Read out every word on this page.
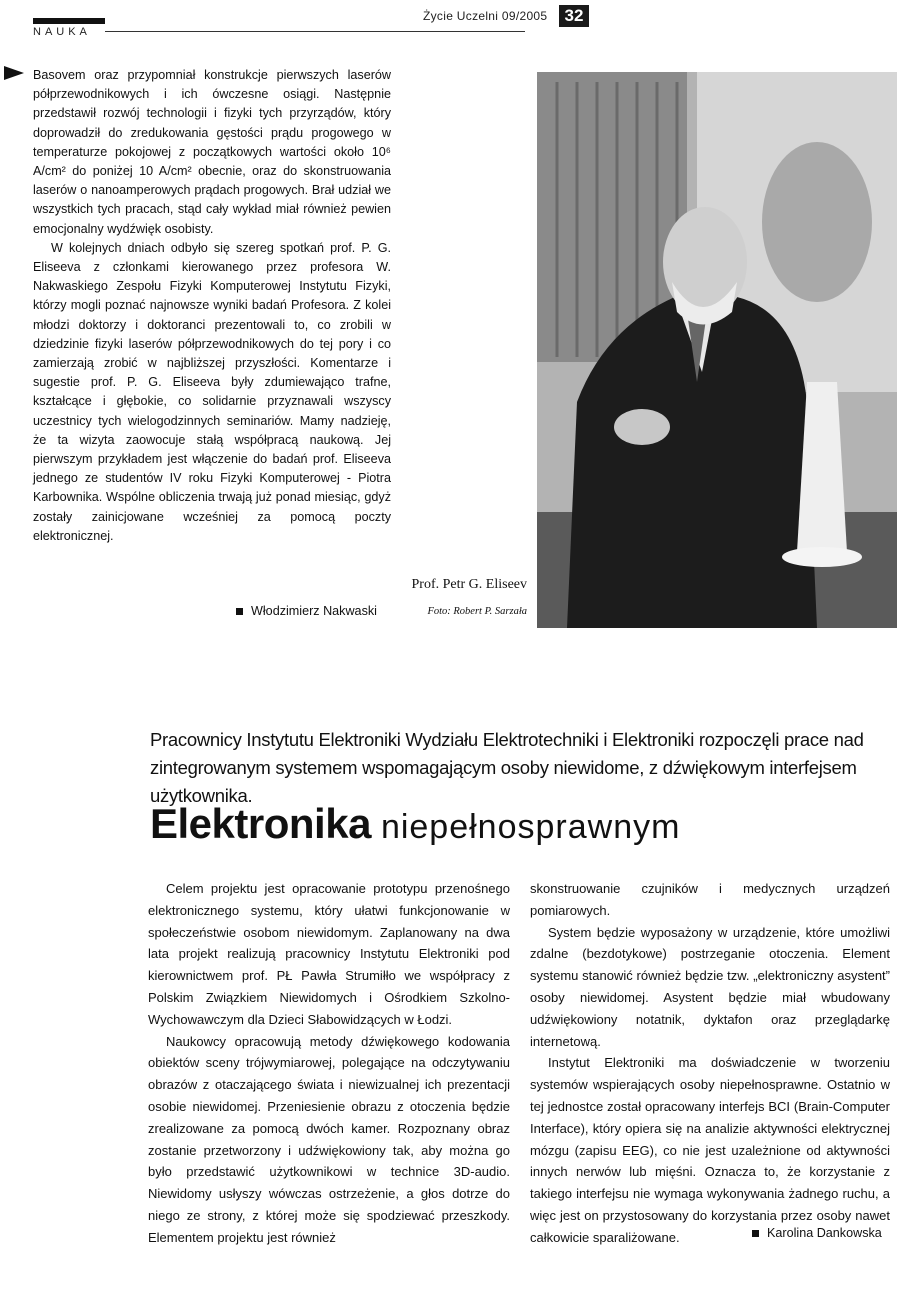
NAUKA
Życie Uczelni 09/2005	32

Basovem oraz przypomniał konstrukcje pierwszych laserów półprzewodnikowych i ich ówczesne osiągi. Następnie przedstawił rozwój technologii i fizyki tych przyrządów, który doprowadził do zredukowania gęstości prądu progowego w temperaturze pokojowej z początkowych wartości około 10⁶ A/cm² do poniżej 10 A/cm² obecnie, oraz do skonstruowania laserów o nanoamperowych prądach progowych. Brał udział we wszystkich tych pracach, stąd cały wykład miał również pewien emocjonalny wydźwięk osobisty.

W kolejnych dniach odbyło się szereg spotkań prof. P. G. Eliseeva z członkami kierowanego przez profesora W. Nakwaskiego Zespołu Fizyki Komputerowej Instytutu Fizyki, którzy mogli poznać najnowsze wyniki badań Profesora. Z kolei młodzi doktorzy i doktoranci prezentowali to, co zrobili w dziedzinie fizyki laserów półprzewodnikowych do tej pory i co zamierzają zrobić w najbliższej przyszłości. Komentarze i sugestie prof. P. G. Eliseeva były zdumiewająco trafne, kształcące i głębokie, co solidarnie przyznawali wszyscy uczestnicy tych wielogodzinnych seminariów. Mamy nadzieję, że ta wizyta zaowocuje stałą współpracą naukową. Jej pierwszym przykładem jest włączenie do badań prof. Eliseeva jednego ze studentów IV roku Fizyki Komputerowej - Piotra Karbownika. Wspólne obliczenia trwają już ponad miesiąc, gdyż zostały zainicjowane wcześniej za pomocą poczty elektronicznej.

Włodzimierz Nakwaski
Prof. Petr G. Eliseev
Foto: Robert P. Sarzała
Pracownicy Instytutu Elektroniki Wydziału Elektrotechniki i Elektroniki rozpoczęli prace nad zintegrowanym systemem wspomagającym osoby niewidome, z dźwiękowym interfejsem użytkownika.
Elektronika niepełnosprawnym

Celem projektu jest opracowanie prototypu przenośnego elektronicznego systemu, który ułatwi funkcjonowanie w społeczeństwie osobom niewidomym. Zaplanowany na dwa lata projekt realizują pracownicy Instytutu Elektroniki pod kierownictwem prof. PŁ Pawła Strumiłło we współpracy z Polskim Związkiem Niewidomych i Ośrodkiem Szkolno-Wychowawczym dla Dzieci Słabowidzących w Łodzi.

Naukowcy opracowują metody dźwiękowego kodowania obiektów sceny trójwymiarowej, polegające na odczytywaniu obrazów z otaczającego świata i niewizualnej ich prezentacji osobie niewidomej. Przeniesienie obrazu z otoczenia będzie zrealizowane za pomocą dwóch kamer. Rozpoznany obraz zostanie przetworzony i udźwiękowiony tak, aby można go było przedstawić użytkownikowi w technice 3D-audio. Niewidomy usłyszy wówczas ostrzeżenie, a głos dotrze do niego ze strony, z której może się spodziewać przeszkody. Elementem projektu jest również

skonstruowanie czujników i medycznych urządzeń pomiarowych.

System będzie wyposażony w urządzenie, które umożliwi zdalne (bezdotykowe) postrzeganie otoczenia. Element systemu stanowić również będzie tzw. „elektroniczny asystent” osoby niewidomej. Asystent będzie miał wbudowany udźwiękowiony notatnik, dyktafon oraz przeglądarkę internetową.

Instytut Elektroniki ma doświadczenie w tworzeniu systemów wspierających osoby niepełnosprawne. Ostatnio w tej jednostce został opracowany interfejs BCI (Brain-Computer Interface), który opiera się na analizie aktywności elektrycznej mózgu (zapisu EEG), co nie jest uzależnione od aktywności innych nerwów lub mięśni. Oznacza to, że korzystanie z takiego interfejsu nie wymaga wykonywania żadnego ruchu, a więc jest on przystosowany do korzystania przez osoby nawet całkowicie sparaliżowane.	Karolina Dankowska
